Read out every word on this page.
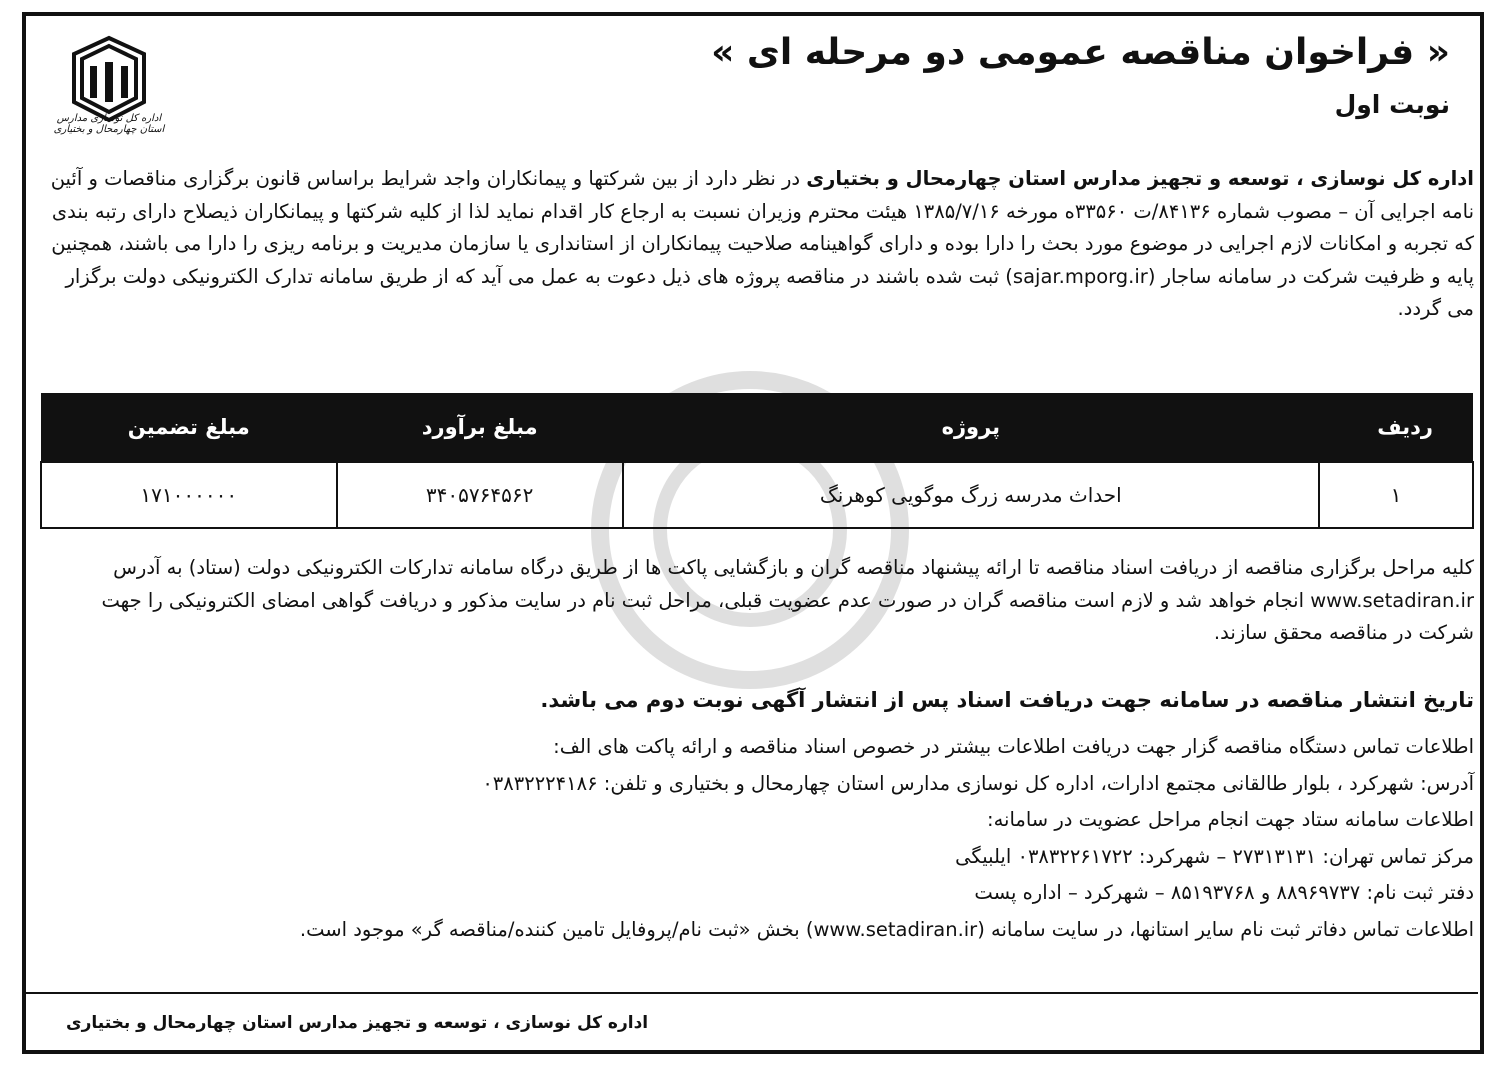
اداره کل نوسازی مدارس استان چهارمحال و بختیاری
« فراخوان مناقصه عمومی دو مرحله ای »
نوبت اول
اداره کل نوسازی ، توسعه و تجهیز مدارس استان چهارمحال و بختیاری در نظر دارد از بین شرکتها و پیمانکاران واجد شرایط براساس قانون برگزاری مناقصات و آئین نامه اجرایی آن – مصوب شماره ۸۴۱۳۶/ت ۳۳۵۶۰ه مورخه ۱۳۸۵/۷/۱۶ هیئت محترم وزیران نسبت به ارجاع کار اقدام نماید لذا از کلیه شرکتها و پیمانکاران ذیصلاح دارای رتبه بندی که تجربه و امکانات لازم اجرایی در موضوع مورد بحث را دارا بوده و دارای گواهینامه صلاحیت پیمانکاران از استانداری یا سازمان مدیریت و برنامه ریزی را دارا می باشند، همچنین پایه و ظرفیت شرکت در سامانه ساجار (sajar.mporg.ir) ثبت شده باشند در مناقصه پروژه های ذیل دعوت به عمل می آید که از طریق سامانه تدارک الکترونیکی دولت برگزار می گردد.
ردیف	پروژه	مبلغ برآورد	مبلغ تضمین
۱	احداث مدرسه زرگ موگویی کوهرنگ	۳۴۰۵۷۶۴۵۶۲	۱۷۱۰۰۰۰۰۰
کلیه مراحل برگزاری مناقصه از دریافت اسناد مناقصه تا ارائه پیشنهاد مناقصه گران و بازگشایی پاکت ها از طریق درگاه سامانه تدارکات الکترونیکی دولت (ستاد) به آدرس www.setadiran.ir انجام خواهد شد و لازم است مناقصه گران در صورت عدم عضویت قبلی، مراحل ثبت نام در سایت مذکور و دریافت گواهی امضای الکترونیکی را جهت شرکت در مناقصه محقق سازند.
تاریخ انتشار مناقصه در سامانه جهت دریافت اسناد پس از انتشار آگهی نوبت دوم می باشد.
اطلاعات تماس دستگاه مناقصه گزار جهت دریافت اطلاعات بیشتر در خصوص اسناد مناقصه و ارائه پاکت های الف:
آدرس: شهرکرد ، بلوار طالقانی مجتمع ادارات، اداره کل نوسازی مدارس استان چهارمحال و بختیاری و تلفن: ۰۳۸۳۲۲۲۴۱۸۶
اطلاعات سامانه ستاد جهت انجام مراحل عضویت در سامانه:
مرکز تماس تهران: ۲۷۳۱۳۱۳۱ – شهرکرد: ۰۳۸۳۲۲۶۱۷۲۲ ایلبیگی
دفتر ثبت نام: ۸۸۹۶۹۷۳۷ و ۸۵۱۹۳۷۶۸ – شهرکرد – اداره پست
اطلاعات تماس دفاتر ثبت نام سایر استانها، در سایت سامانه (www.setadiran.ir) بخش «ثبت نام/پروفایل تامین کننده/مناقصه گر» موجود است.
اداره کل نوسازی ، توسعه و تجهیز مدارس استان چهارمحال و بختیاری
